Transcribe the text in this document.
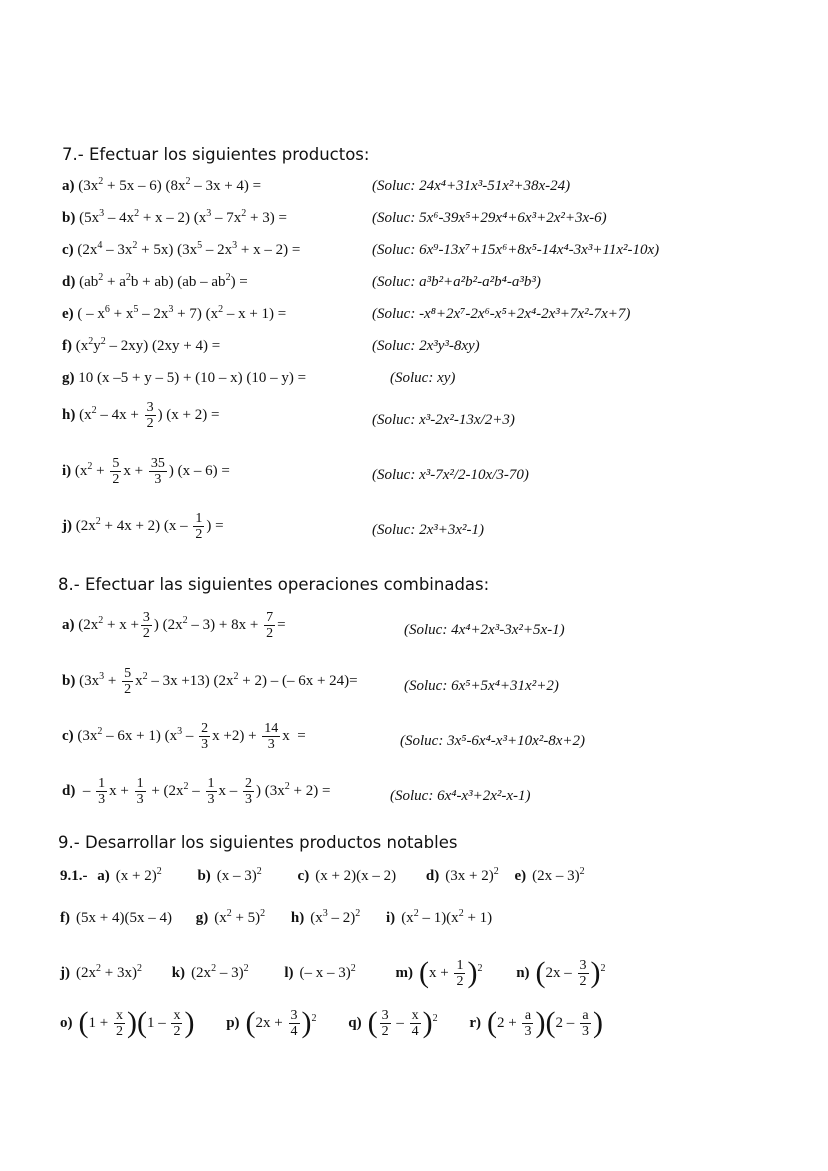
7.- Efectuar los siguientes productos:
a) $(3x^2 + 5x - 6)$ $(8x^2 - 3x + 4)$ =	(Soluc: 24x⁴+31x³-51x²+38x-24)
b) $(5x^3 - 4x^2 + x - 2)$ $(x^3 - 7x^2 + 3)$ =	(Soluc: 5x⁶-39x⁵+29x⁴+6x³+2x²+3x-6)
c) $(2x^4 - 3x^2 + 5x)$ $(3x^5 - 2x^3 + x - 2)$ =	(Soluc: 6x⁹-13x⁷+15x⁶+8x⁵-14x⁴-3x³+11x²-10x)
d) $(ab^2 + a^2b + ab)$ $(ab - ab^2)$ =	(Soluc: a³b²+a²b²-a²b⁴-a³b³)
e) ( – $x^6 + x^5 - 2x^3 + 7$) $(x^2 - x + 1)$ =	(Soluc: -x⁸+2x⁷-2x⁶-x⁵+2x⁴-2x³+7x²-7x+7)
f) $(x^2y^2 - 2xy) (2xy + 4)$ =	(Soluc: 2x³y³-8xy)
g) 10 (x –5 + y – 5) + (10 – x) (10 – y) =	(Soluc: xy)
h) ($x^2 - 4x + \frac{3}{2}$ ) (x + 2) =	(Soluc: x³-2x²-13x/2+3)
i) ($x^2 + \frac{5}{2}$ $x + \frac{35}{3}$ ) (x – 6) =	(Soluc: x³-7x²/2-10x/3-70)
j) $(2x^2 + 4x + 2)$ ($x - \frac{1}{2}$ ) =	(Soluc: 2x³+3x²-1)
8.- Efectuar las siguientes operaciones combinadas:
a) ($2x^2 + x + \frac{3}{2}$ ) $(2x^2 - 3) + 8x + \frac{7}{2}$ =	(Soluc: 4x⁴+2x³-3x²+5x-1)
b) $(3x^3 + \frac{5}{2} x^2 - 3x +13) (2x^2 + 2)$ – (– 6x + 24)=	(Soluc: 6x⁵+5x⁴+31x²+2)
c) $(3x^2 - 6x + 1)$ ($x^3 - \frac{2}{3}$ $x +2) + \frac{14}{3}$ x  =	(Soluc: 3x⁵-6x⁴-x³+10x²-8x+2)
$d) - \frac{1}{3}$ $x + \frac{1}{3} + (2x^2 - \frac{1}{3}$ x – $\frac{2}{3}$ ) $(3x^2 + 2)$ =	(Soluc: 6x⁴-x³+2x²-x-1)
9.- Desarrollar los siguientes productos notables
9.1.- a) $(x + 2)^2$ b) (x – 3)$^2$ c) (x + 2)(x – 2) d) $(3x + 2)^2$ e) (2x – 3)$^2$
f) (5x + 4)(5x – 4) g) $(x^2 + 5)^2$ h) $(x^3 - 2)^2$ i) $(x^2 - 1)(x^2 + 1)$
j) $(2x^2 + 3x)^2$ k) $(2x^2 - 3)^2$ l) (– x – 3)$^2$	m) $(x + \frac{1}{2} )^2$ n) $(2x - \frac{3}{2} )^2$
o) $(1 + \frac{x}{2} )(1 - \frac{x}{2}$ ) p) $(2x + \frac{3}{4} )^2$ q) ( $\frac{3}{2} - \frac{x}{4} )^2$ r) $(2 + \frac{a}{3} )(2 - \frac{a}{3}$ )
